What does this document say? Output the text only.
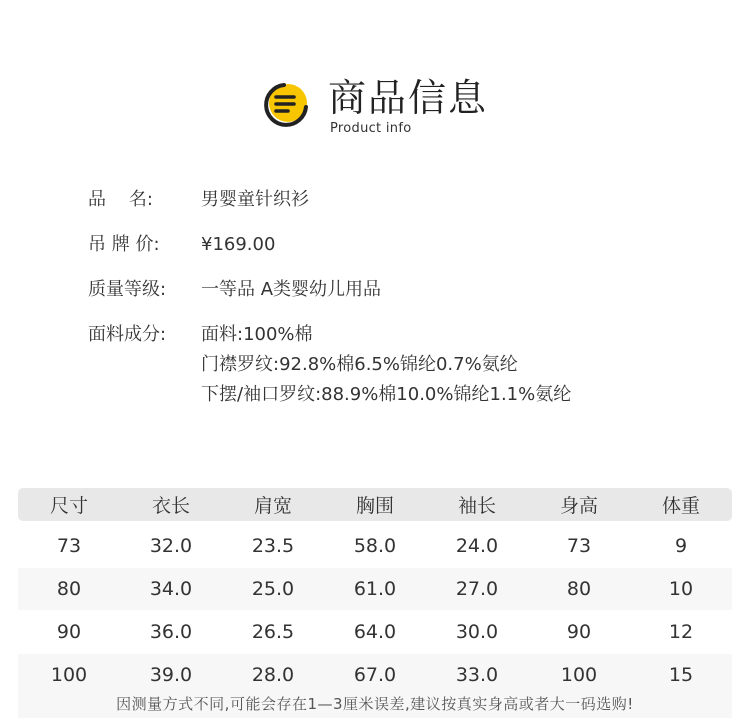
商品信息
Product info
品    名:	男婴童针织衫
吊 牌 价:	¥169.00
质量等级:	一等品 A类婴幼儿用品
面料成分:	面料:100%棉
门襟罗纹:92.8%棉6.5%锦纶0.7%氨纶
下摆/袖口罗纹:88.9%棉10.0%锦纶1.1%氨纶
尺寸	衣长	肩宽	胸围	袖长	身高	体重
73	32.0	23.5	58.0	24.0	73	9
80	34.0	25.0	61.0	27.0	80	10
90	36.0	26.5	64.0	30.0	90	12
100	39.0	28.0	67.0	33.0	100	15
因测量方式不同,可能会存在1—3厘米误差,建议按真实身高或者大一码选购!
